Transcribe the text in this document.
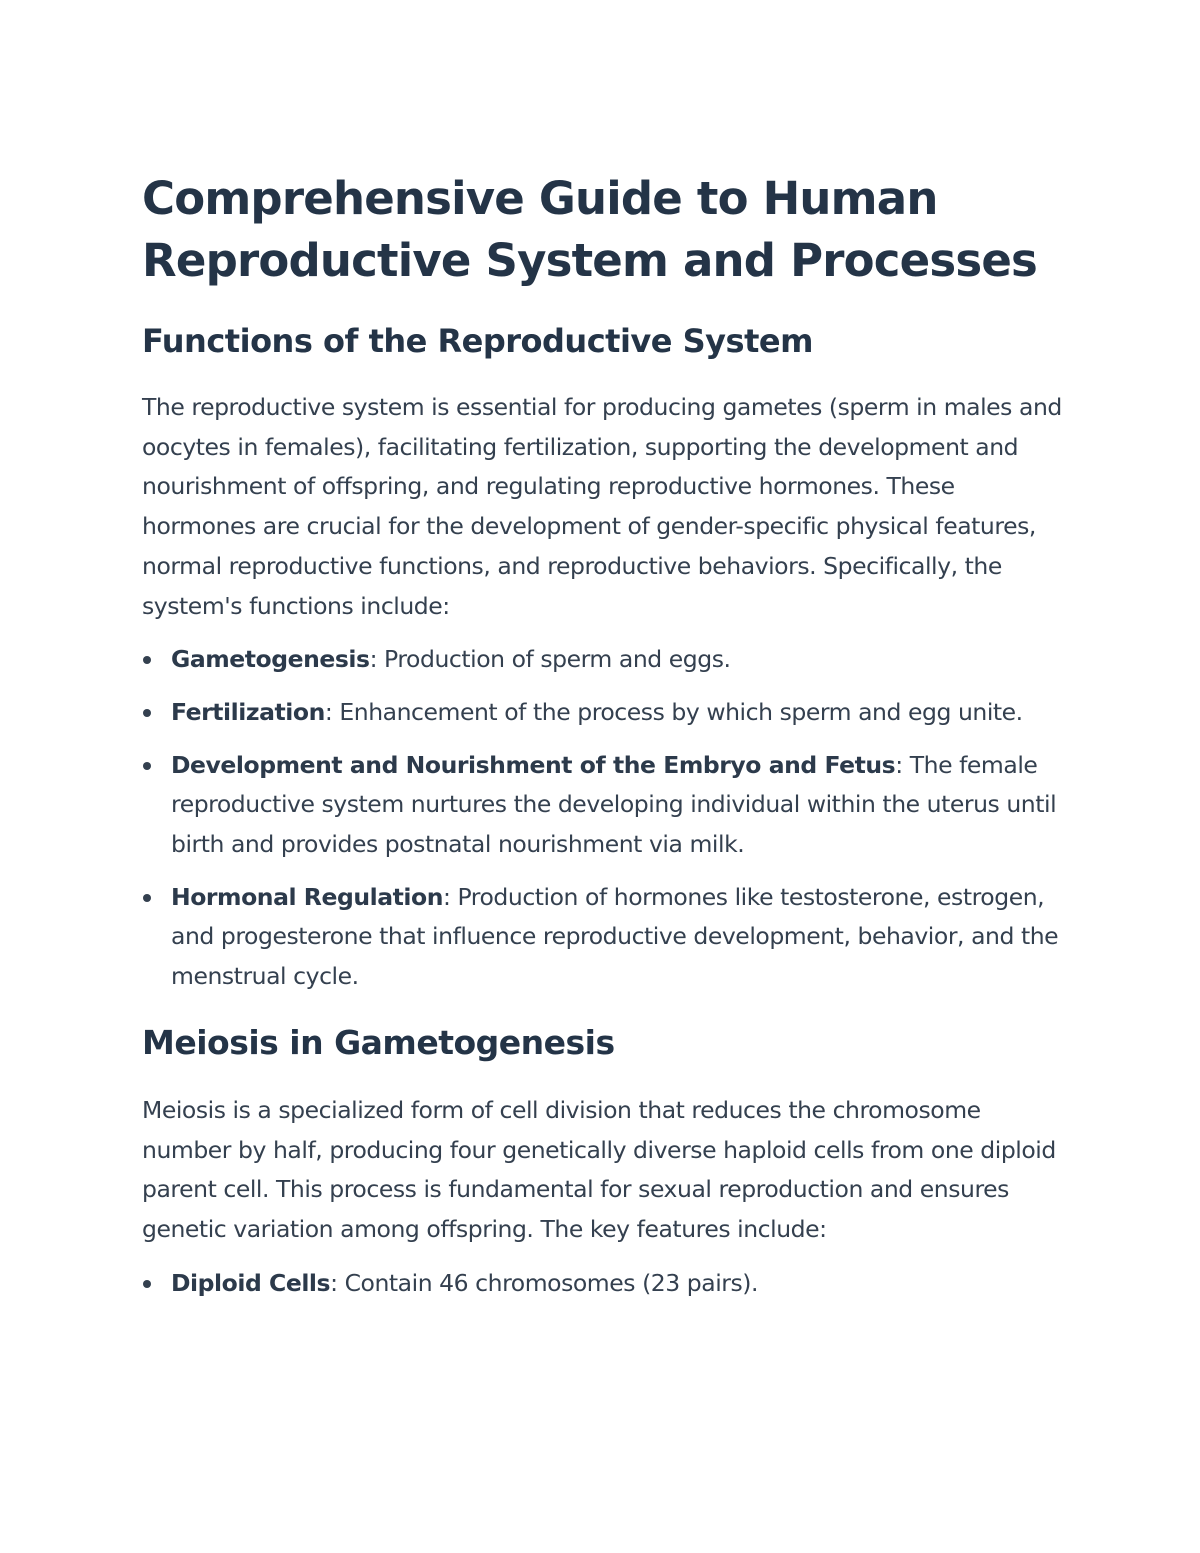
Comprehensive Guide to Human Reproductive System and Processes
Functions of the Reproductive System

The reproductive system is essential for producing gametes (sperm in males and oocytes in females), facilitating fertilization, supporting the development and nourishment of offspring, and regulating reproductive hormones. These hormones are crucial for the development of gender-specific physical features, normal reproductive functions, and reproductive behaviors. Specifically, the system's functions include:

Gametogenesis: Production of sperm and eggs.
Fertilization: Enhancement of the process by which sperm and egg unite.
Development and Nourishment of the Embryo and Fetus: The female reproductive system nurtures the developing individual within the uterus until birth and provides postnatal nourishment via milk.
Hormonal Regulation: Production of hormones like testosterone, estrogen, and progesterone that influence reproductive development, behavior, and the menstrual cycle.
Meiosis in Gametogenesis

Meiosis is a specialized form of cell division that reduces the chromosome number by half, producing four genetically diverse haploid cells from one diploid parent cell. This process is fundamental for sexual reproduction and ensures genetic variation among offspring. The key features include:

Diploid Cells: Contain 46 chromosomes (23 pairs).
